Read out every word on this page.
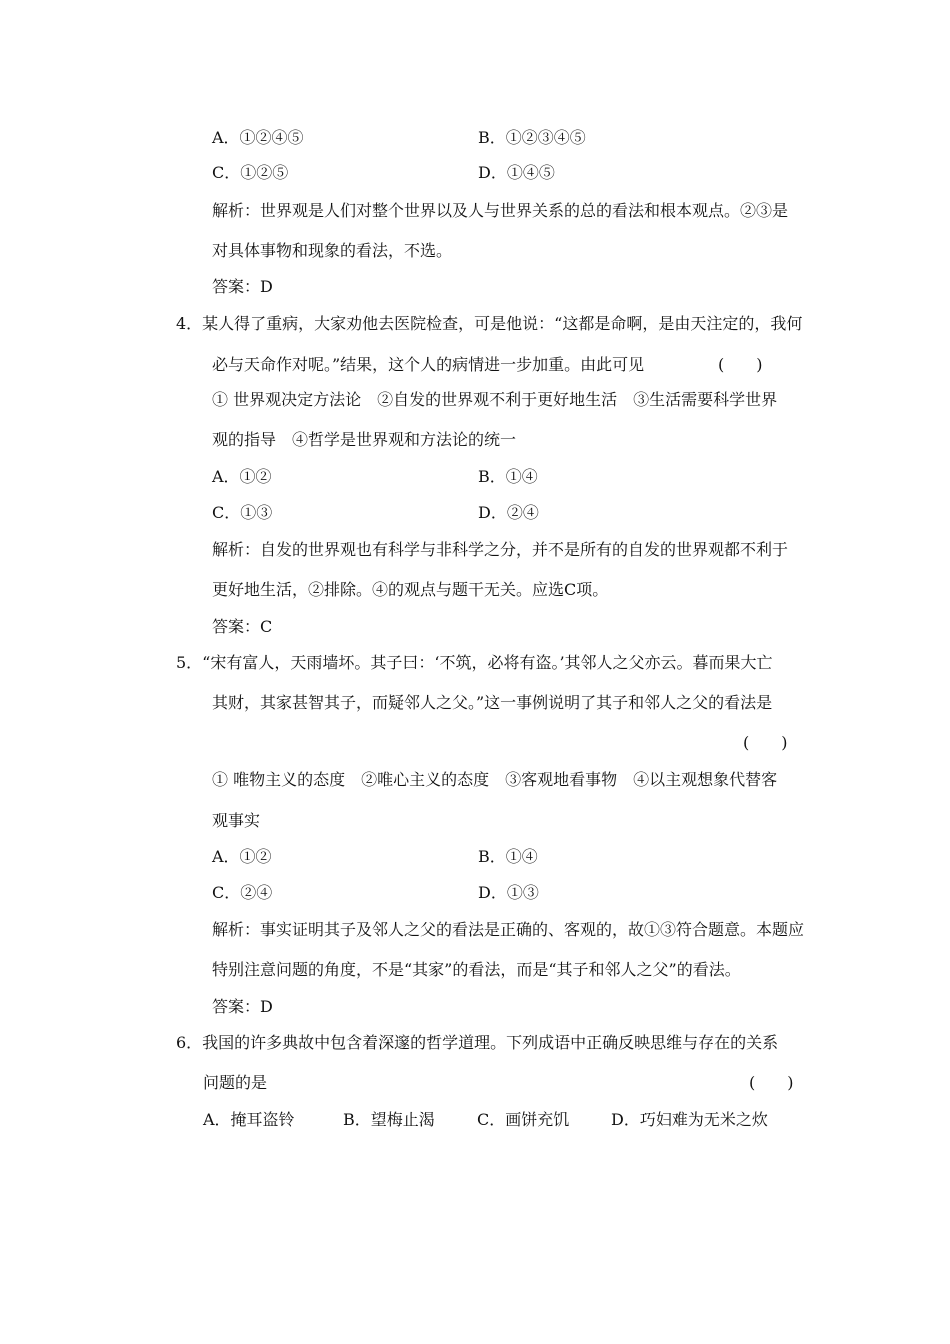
A．①②④⑤	B．①②③④⑤
C．①②⑤	D．①④⑤
解析：世界观是人们对整个世界以及人与世界关系的总的看法和根本观点。②③是
对具体事物和现象的看法，不选。
答案：D
4．某人得了重病，大家劝他去医院检查，可是他说：“这都是命啊，是由天注定的，我何
必与天命作对呢。”结果，这个人的病情进一步加重。由此可见	(　　)
① 世界观决定方法论　②自发的世界观不利于更好地生活　③生活需要科学世界
观的指导　④哲学是世界观和方法论的统一
A．①②	B．①④
C．①③	D．②④
解析：自发的世界观也有科学与非科学之分，并不是所有的自发的世界观都不利于
更好地生活，②排除。④的观点与题干无关。应选C项。
答案：C
5．“宋有富人，天雨墙坏。其子曰：‘不筑，必将有盗。’其邻人之父亦云。暮而果大亡
其财，其家甚智其子，而疑邻人之父。”这一事例说明了其子和邻人之父的看法是
(　　)
① 唯物主义的态度　②唯心主义的态度　③客观地看事物　④以主观想象代替客
观事实
A．①②	B．①④
C．②④	D．①③
解析：事实证明其子及邻人之父的看法是正确的、客观的，故①③符合题意。本题应
特别注意问题的角度，不是“其家”的看法，而是“其子和邻人之父”的看法。
答案：D
6．我国的许多典故中包含着深邃的哲学道理。下列成语中正确反映思维与存在的关系
问题的是	(　　)
A．掩耳盗铃	B．望梅止渴	C．画饼充饥	D．巧妇难为无米之炊
